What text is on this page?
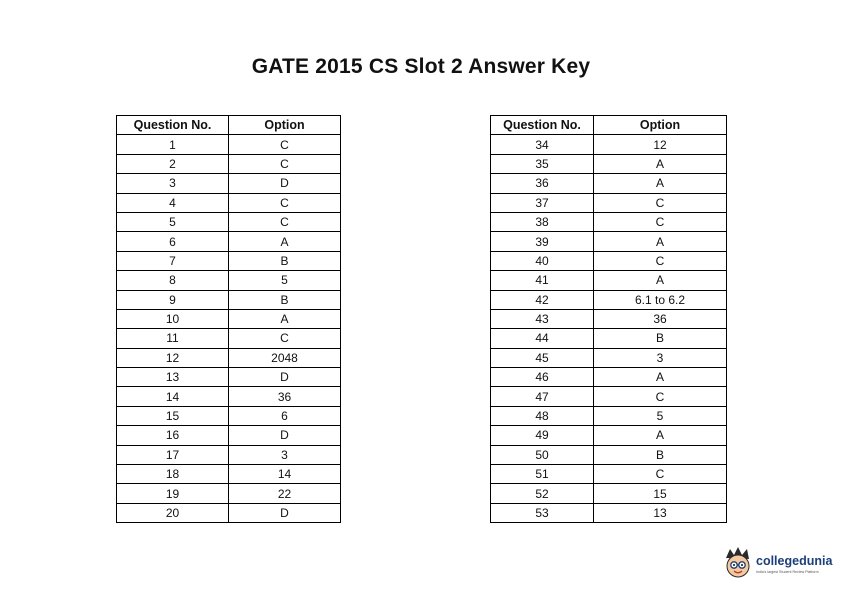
GATE 2015 CS Slot 2 Answer Key
Question No.	Option
1	C
2	C
3	D
4	C
5	C
6	A
7	B
8	5
9	B
10	A
11	C
12	2048
13	D
14	36
15	6
16	D
17	3
18	14
19	22
20	D
Question No.	Option
34	12
35	A
36	A
37	C
38	C
39	A
40	C
41	A
42	6.1 to 6.2
43	36
44	B
45	3
46	A
47	C
48	5
49	A
50	B
51	C
52	15
53	13
collegedunia
India's largest Student Review Platform
